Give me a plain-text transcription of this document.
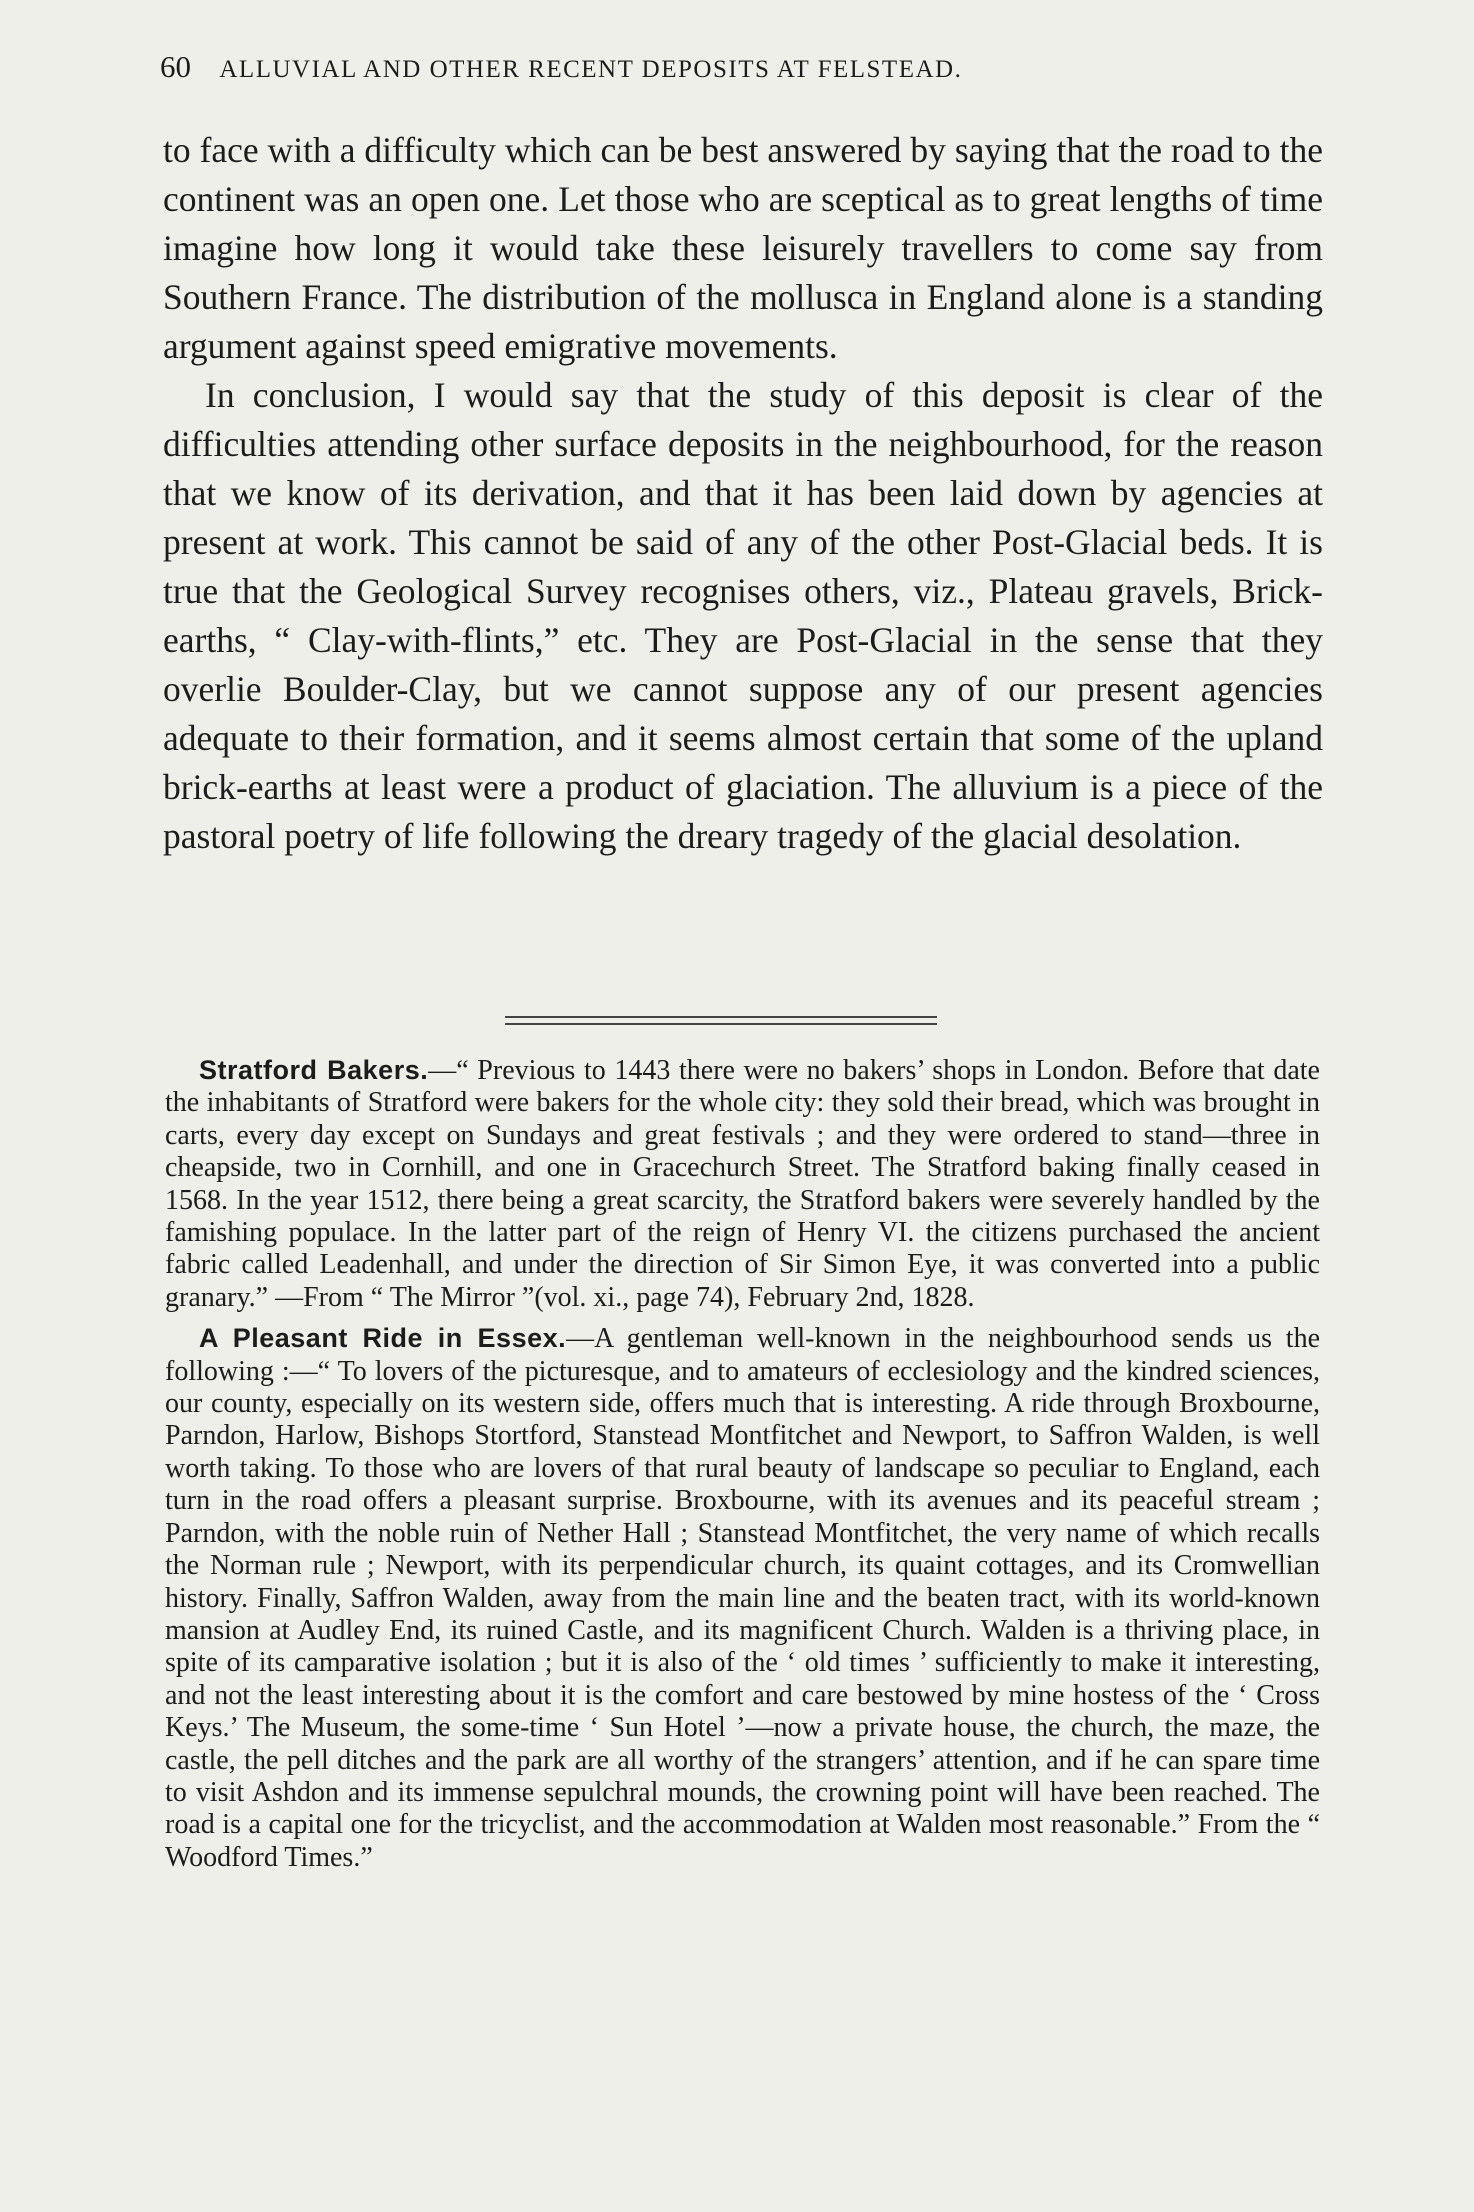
60 ALLUVIAL AND OTHER RECENT DEPOSITS AT FELSTEAD.

to face with a difficulty which can be best answered by saying that the road to the continent was an open one. Let those who are sceptical as to great lengths of time imagine how long it would take these leisurely travellers to come say from Southern France. The distribution of the mollusca in England alone is a standing argument against speed emigrative movements.

In conclusion, I would say that the study of this deposit is clear of the difficulties attending other surface deposits in the neighbourhood, for the reason that we know of its derivation, and that it has been laid down by agencies at present at work. This cannot be said of any of the other Post-Glacial beds. It is true that the Geological Survey recognises others, viz., Plateau gravels, Brick-earths, “ Clay-with-flints,” etc. They are Post-Glacial in the sense that they overlie Boulder-Clay, but we cannot suppose any of our present agencies adequate to their formation, and it seems almost certain that some of the upland brick-earths at least were a product of glaciation. The alluvium is a piece of the pastoral poetry of life following the dreary tragedy of the glacial desolation.

Stratford Bakers.—“ Previous to 1443 there were no bakers’ shops in London. Before that date the inhabitants of Stratford were bakers for the whole city: they sold their bread, which was brought in carts, every day except on Sundays and great festivals ; and they were ordered to stand—three in cheapside, two in Cornhill, and one in Gracechurch Street. The Stratford baking finally ceased in 1568. In the year 1512, there being a great scarcity, the Stratford bakers were severely handled by the famishing populace. In the latter part of the reign of Henry VI. the citizens purchased the ancient fabric called Leadenhall, and under the direction of Sir Simon Eye, it was converted into a public granary.” —From “ The Mirror ”(vol. xi., page 74), February 2nd, 1828.

A Pleasant Ride in Essex.—A gentleman well-known in the neighbourhood sends us the following :—“ To lovers of the picturesque, and to amateurs of ecclesiology and the kindred sciences, our county, especially on its western side, offers much that is interesting. A ride through Broxbourne, Parndon, Harlow, Bishops Stortford, Stanstead Montfitchet and Newport, to Saffron Walden, is well worth taking. To those who are lovers of that rural beauty of landscape so peculiar to England, each turn in the road offers a pleasant surprise. Broxbourne, with its avenues and its peaceful stream ; Parndon, with the noble ruin of Nether Hall ; Stanstead Montfitchet, the very name of which recalls the Norman rule ; Newport, with its perpendicular church, its quaint cottages, and its Cromwellian history. Finally, Saffron Walden, away from the main line and the beaten tract, with its world-known mansion at Audley End, its ruined Castle, and its magnificent Church. Walden is a thriving place, in spite of its camparative isolation ; but it is also of the ‘ old times ’ sufficiently to make it interesting, and not the least interesting about it is the comfort and care bestowed by mine hostess of the ‘ Cross Keys.’ The Museum, the some-time ‘ Sun Hotel ’—now a private house, the church, the maze, the castle, the pell ditches and the park are all worthy of the strangers’ attention, and if he can spare time to visit Ashdon and its immense sepulchral mounds, the crowning point will have been reached. The road is a capital one for the tricyclist, and the accommodation at Walden most reasonable.” From the “ Woodford Times.”
